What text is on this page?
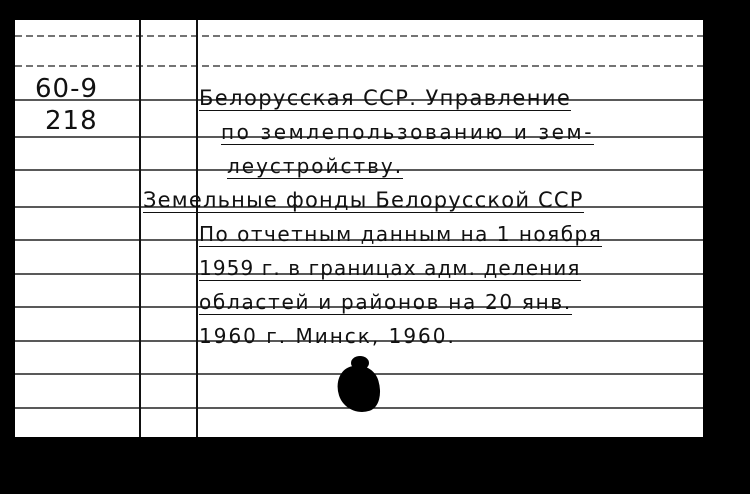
60-9
218
Белорусская ССР. Управление
по землепользованию и зем-
леустройству.
Земельные фонды Белорусской ССР
По отчетным данным на 1 ноября
1959 г. в границах адм. деления
областей и районов на 20 янв.
1960 г. Минск, 1960.
